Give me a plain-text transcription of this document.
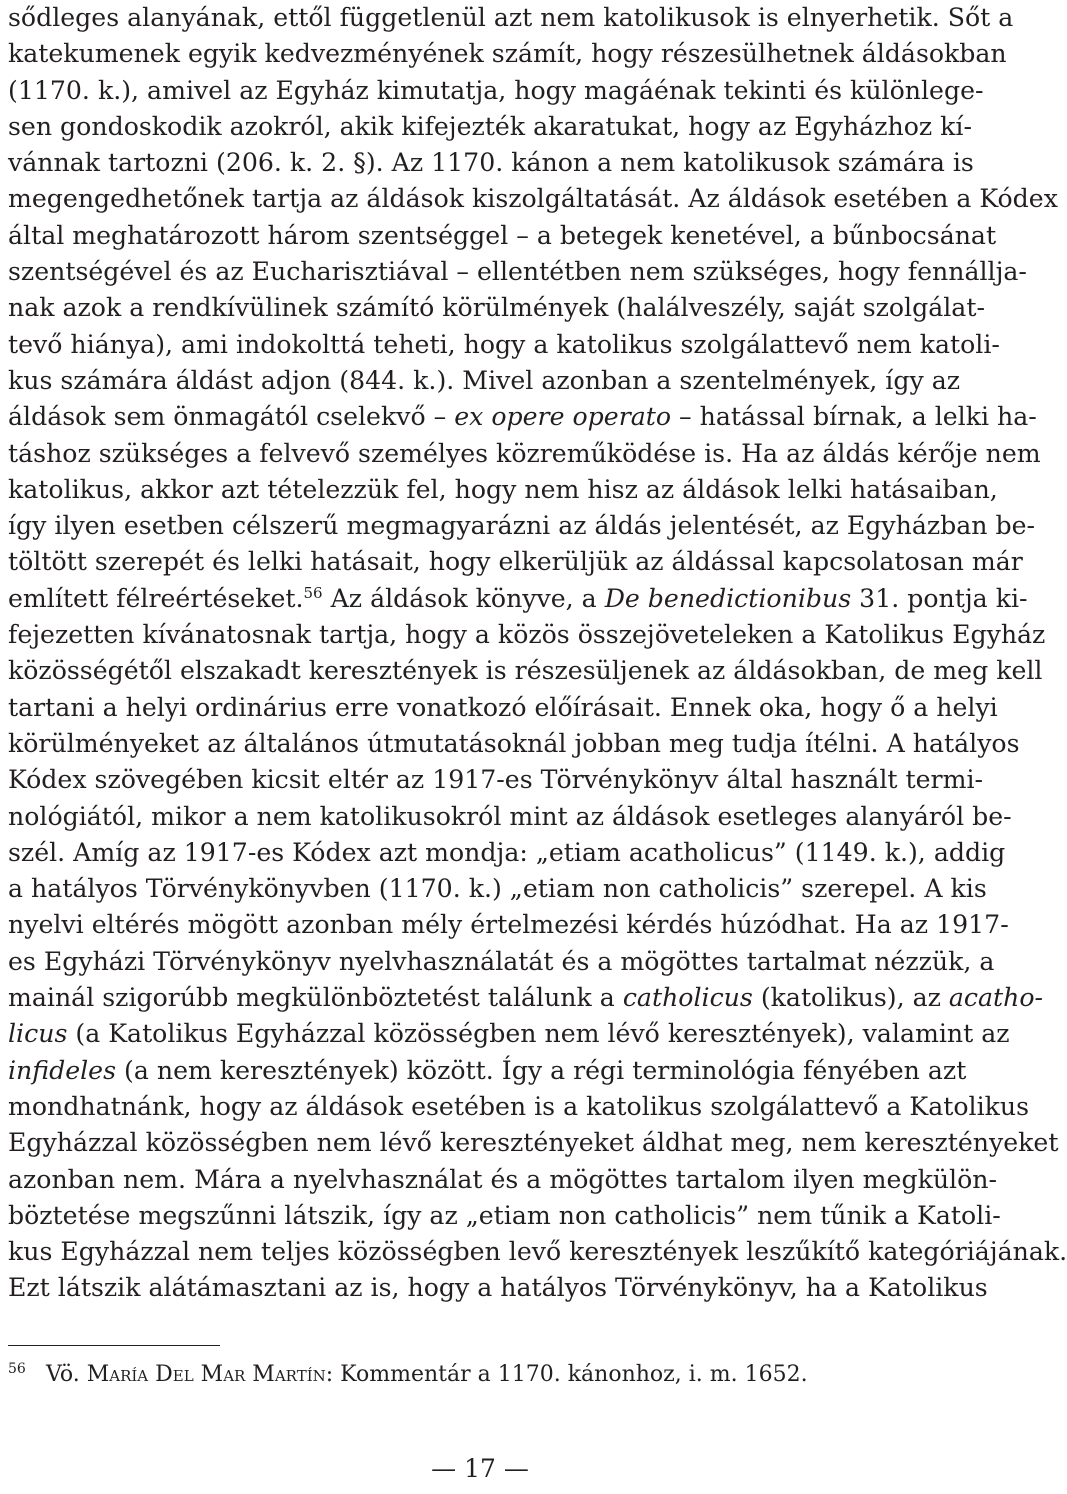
sődleges alanyának, ettől függetlenül azt nem katolikusok is elnyerhetik. Sőt a
katekumenek egyik kedvezményének számít, hogy részesülhetnek áldásokban
(1170. k.), amivel az Egyház kimutatja, hogy magáénak tekinti és különlege-
sen gondoskodik azokról, akik kifejezték akaratukat, hogy az Egyházhoz kí-
vánnak tartozni (206. k. 2. §). Az 1170. kánon a nem katolikusok számára is
megengedhetőnek tartja az áldások kiszolgáltatását. Az áldások esetében a Kódex
által meghatározott három szentséggel – a betegek kenetével, a bűnbocsánat
szentségével és az Eucharisztiával – ellentétben nem szükséges, hogy fennállja-
nak azok a rendkívülinek számító körülmények (halálveszély, saját szolgálat-
tevő hiánya), ami indokolttá teheti, hogy a katolikus szolgálattevő nem katoli-
kus számára áldást adjon (844. k.). Mivel azonban a szentelmények, így az
áldások sem önmagától cselekvő – ex opere operato – hatással bírnak, a lelki ha-
táshoz szükséges a felvevő személyes közreműködése is. Ha az áldás kérője nem
katolikus, akkor azt tételezzük fel, hogy nem hisz az áldások lelki hatásaiban,
így ilyen esetben célszerű megmagyarázni az áldás jelentését, az Egyházban be-
töltött szerepét és lelki hatásait, hogy elkerüljük az áldással kapcsolatosan már
említett félreértéseket.$^{56}$ Az áldások könyve, a De benedictionibus 31. pontja ki-
fejezetten kívánatosnak tartja, hogy a közös összejöveteleken a Katolikus Egyház
közösségétől elszakadt keresztények is részesüljenek az áldásokban, de meg kell
tartani a helyi ordinárius erre vonatkozó előírásait. Ennek oka, hogy ő a helyi
körülményeket az általános útmutatásoknál jobban meg tudja ítélni. A hatályos
Kódex szövegében kicsit eltér az 1917-es Törvénykönyv által használt termi-
nológiától, mikor a nem katolikusokról mint az áldások esetleges alanyáról be-
szél. Amíg az 1917-es Kódex azt mondja: „etiam acatholicus” (1149. k.), addig
a hatályos Törvénykönyvben (1170. k.) „etiam non catholicis” szerepel. A kis
nyelvi eltérés mögött azonban mély értelmezési kérdés húzódhat. Ha az 1917-
es Egyházi Törvénykönyv nyelvhasználatát és a mögöttes tartalmat nézzük, a
mainál szigorúbb megkülönböztetést találunk a catholicus (katolikus), az acatho-
licus (a Katolikus Egyházzal közösségben nem lévő keresztények), valamint az
infideles (a nem keresztények) között. Így a régi terminológia fényében azt
mondhatnánk, hogy az áldások esetében is a katolikus szolgálattevő a Katolikus
Egyházzal közösségben nem lévő keresztényeket áldhat meg, nem keresztényeket
azonban nem. Mára a nyelvhasználat és a mögöttes tartalom ilyen megkülön-
böztetése megszűnni látszik, így az „etiam non catholicis” nem tűnik a Katoli-
kus Egyházzal nem teljes közösségben levő keresztények leszűkítő kategóriájának.
Ezt látszik alátámasztani az is, hogy a hatályos Törvénykönyv, ha a Katolikus
56 Vö. María Del Mar Martín: Kommentár a 1170. kánonhoz, i. m. 1652.
— 17 —
